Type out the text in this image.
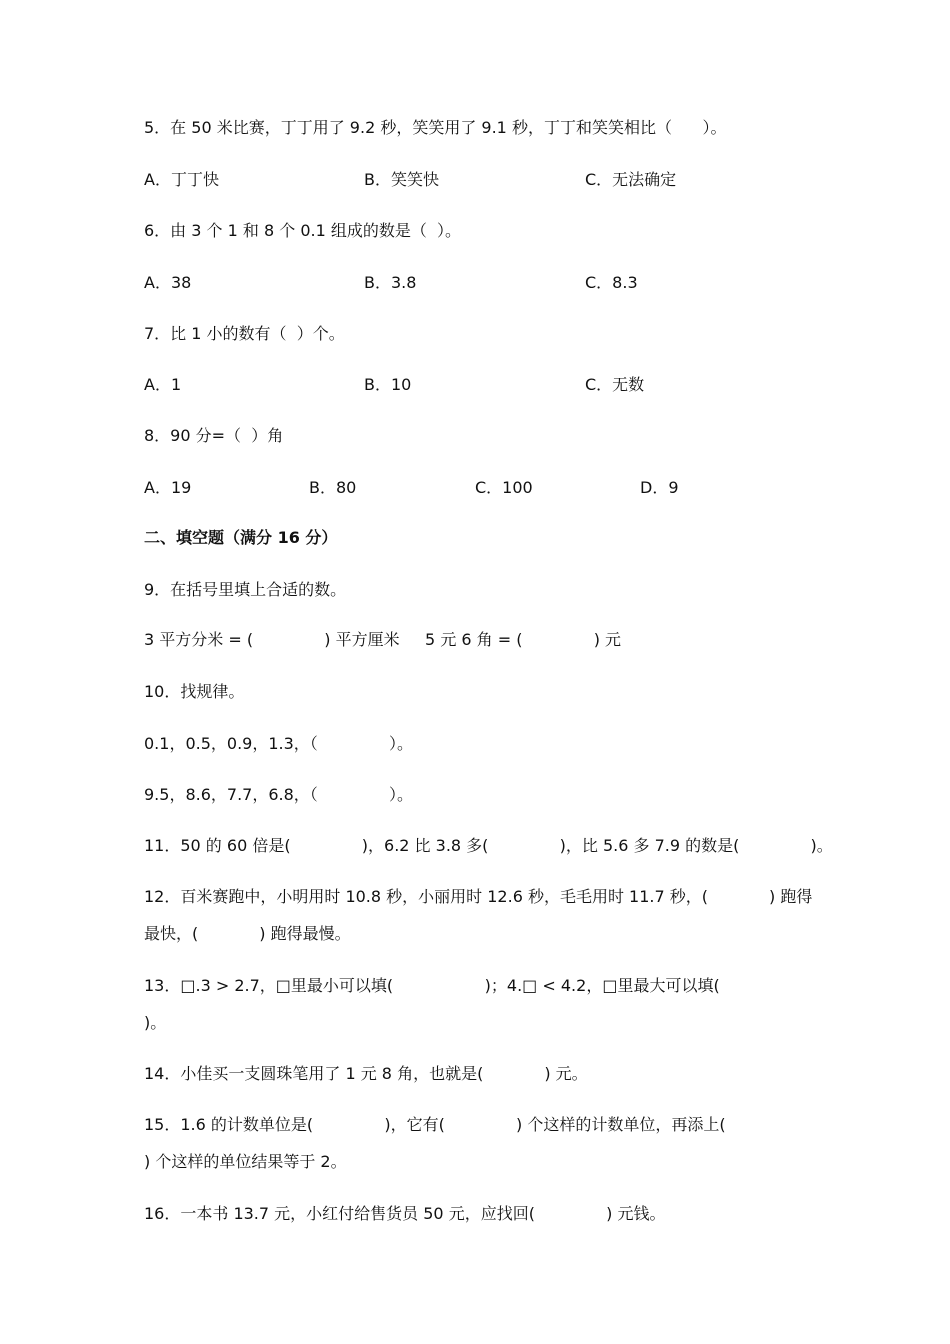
5．在 50 米比赛，丁丁用了 9.2 秒，笑笑用了 9.1 秒，丁丁和笑笑相比（      ）。
A．丁丁快	B．笑笑快	C．无法确定
6．由 3 个 1 和 8 个 0.1 组成的数是（  ）。
A．38	B．3.8	C．8.3
7．比 1 小的数有（  ）个。
A．1	B．10	C．无数
8．90 分=（  ）角
A．19	B．80	C．100	D．9
二、填空题（满分 16 分）
9．在括号里填上合适的数。
3 平方分米 = (              ) 平方厘米     5 元 6 角 = (              ) 元
10．找规律。
0.1，0.5，0.9，1.3，（              ）。
9.5，8.6，7.7，6.8，（              ）。
11．50 的 60 倍是(              )，6.2 比 3.8 多(              )，比 5.6 多 7.9 的数是(              )。
12．百米赛跑中，小明用时 10.8 秒，小丽用时 12.6 秒，毛毛用时 11.7 秒，(            ) 跑得
最快，(            ) 跑得最慢。
13．□.3 > 2.7，□里最小可以填(                  )；4.□ < 4.2，□里最大可以填(
)。
14．小佳买一支圆珠笔用了 1 元 8 角，也就是(            ) 元。
15．1.6 的计数单位是(              )，它有(              ) 个这样的计数单位，再添上(
) 个这样的单位结果等于 2。
16．一本书 13.7 元，小红付给售货员 50 元，应找回(              ) 元钱。
